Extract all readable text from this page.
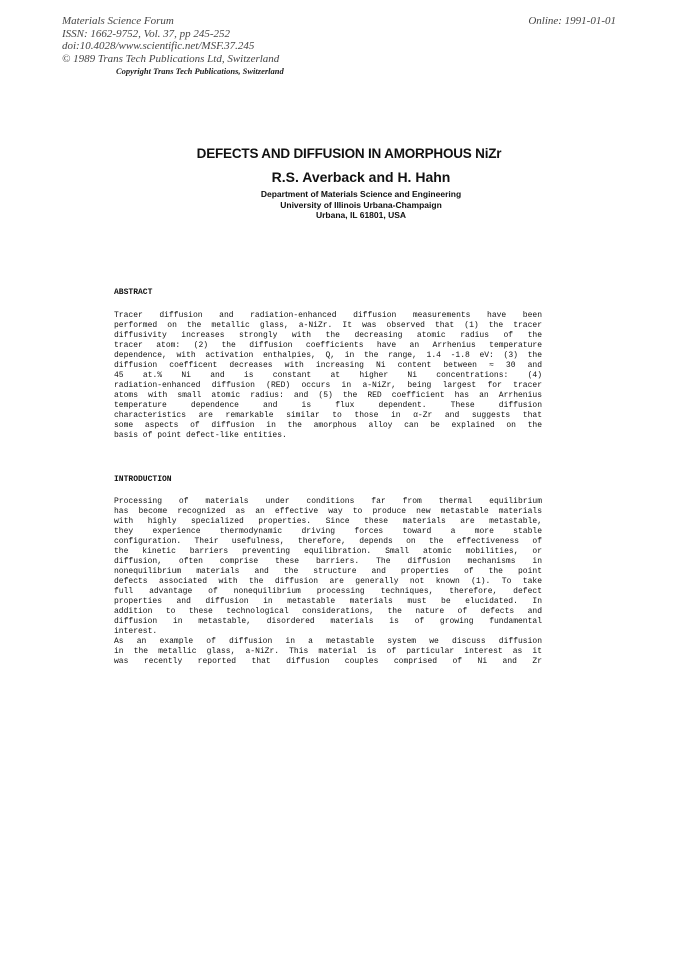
Materials Science Forum
ISSN: 1662-9752, Vol. 37, pp 245-252
doi:10.4028/www.scientific.net/MSF.37.245
© 1989 Trans Tech Publications Ltd, Switzerland
Online: 1991-01-01
Copyright Trans Tech Publications, Switzerland
DEFECTS AND DIFFUSION IN AMORPHOUS NiZr
R.S. Averback and H. Hahn
Department of Materials Science and Engineering
University of Illinois Urbana-Champaign
Urbana, IL 61801, USA
ABSTRACT
Tracer diffusion and radiation-enhanced diffusion measurements have been
performed on the metallic glass, a-NiZr. It was observed that (1) the tracer
diffusivity increases strongly with the decreasing atomic radius of the
tracer atom: (2) the diffusion coefficients have an Arrhenius temperature
dependence, with activation enthalpies, Q, in the range, 1.4 -1.8 eV: (3) the
diffusion coefficent decreases with increasing Ni content between ≈ 30 and
45 at.% Ni and is constant at higher Ni concentrations: (4)
radiation-enhanced diffusion (RED) occurs in a-NiZr, being largest for tracer
atoms with small atomic radius: and (5) the RED coefficient has an Arrhenius
temperature dependence and is flux dependent. These diffusion
characteristics are remarkable similar to those in α-Zr and suggests that
some aspects of diffusion in the amorphous alloy can be explained on the
basis of point defect-like entities.
INTRODUCTION
Processing of materials under conditions far from thermal equilibrium
has become recognized as an effective way to produce new metastable materials
with highly specialized properties. Since these materials are metastable,
they experience thermodynamic driving forces toward a more stable
configuration. Their usefulness, therefore, depends on the effectiveness of
the kinetic barriers preventing equilibration. Small atomic mobilities, or
diffusion, often comprise these barriers. The diffusion mechanisms in
nonequilibrium materials and the structure and properties of the point
defects associated with the diffusion are generally not known (1). To take
full advantage of nonequilibrium processing techniques, therefore, defect
properties and diffusion in metastable materials must be elucidated. In
addition to these technological considerations, the nature of defects and
diffusion in metastable, disordered materials is of growing fundamental
interest.
As an example of diffusion in a metastable system we discuss diffusion
in the metallic glass, a-NiZr. This material is of particular interest as it
was recently reported that diffusion couples comprised of Ni and Zr
